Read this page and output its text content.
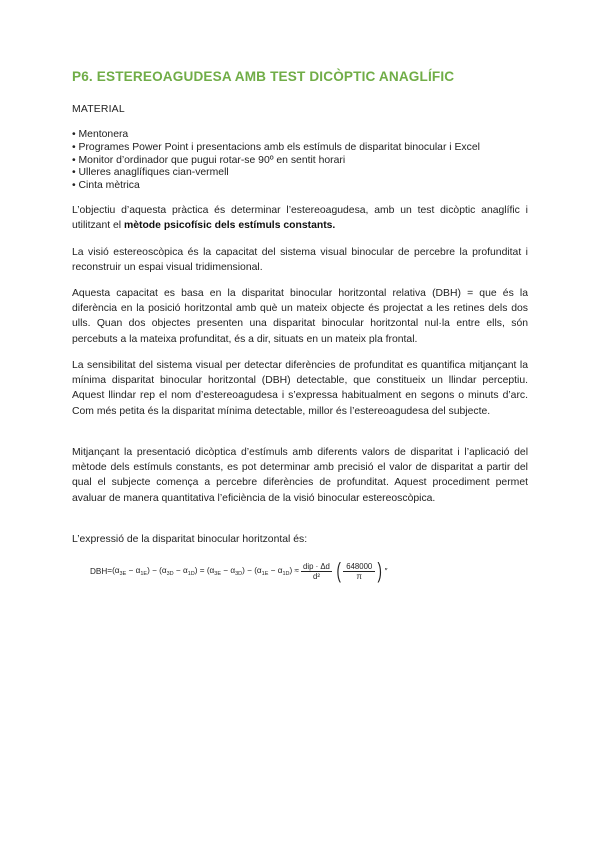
P6. ESTEREOAGUDESA AMB TEST DICÒPTIC ANAGLÍFIC
MATERIAL
• Mentonera
• Programes Power Point i presentacions amb els estímuls de disparitat binocular i Excel
• Monitor d’ordinador que pugui rotar-se 90º en sentit horari
• Ulleres anaglífiques cian-vermell
• Cinta mètrica

L’objectiu d’aquesta pràctica és determinar l’estereoagudesa, amb un test dicòptic anaglífic i utilitzant el mètode psicofísic dels estímuls constants.

La visió estereoscòpica és la capacitat del sistema visual binocular de percebre la profunditat i reconstruir un espai visual tridimensional.

Aquesta capacitat es basa en la disparitat binocular horitzontal relativa (DBH) = que és la diferència en la posició horitzontal amb què un mateix objecte és projectat a les retines dels dos ulls. Quan dos objectes presenten una disparitat binocular horitzontal nul·la entre ells, són percebuts a la mateixa profunditat, és a dir, situats en un mateix pla frontal.

La sensibilitat del sistema visual per detectar diferències de profunditat es quantifica mitjançant la mínima disparitat binocular horitzontal (DBH) detectable, que constitueix un llindar perceptiu. Aquest llindar rep el nom d’estereoagudesa i s’expressa habitualment en segons o minuts d’arc. Com més petita és la disparitat mínima detectable, millor és l’estereoagudesa del subjecte.

Mitjançant la presentació dicòptica d’estímuls amb diferents valors de disparitat i l’aplicació del mètode dels estímuls constants, es pot determinar amb precisió el valor de disparitat a partir del qual el subjecte comença a percebre diferències de profunditat. Aquest procediment permet avaluar de manera quantitativa l’eficiència de la visió binocular estereoscòpica.

L’expressió de la disparitat binocular horitzontal és:

DBH $=(\alpha_{3E} - \alpha_{1E}) - (\alpha_{3D} - \alpha_{1D}) = (\alpha_{3E} - \alpha_{3D}) - (\alpha_{1E} - \alpha_{1D}) \approx \frac{\text{dip · Δd}}{\text{d²}}$ ( $\frac{648000}{\pi}$ ) ″
